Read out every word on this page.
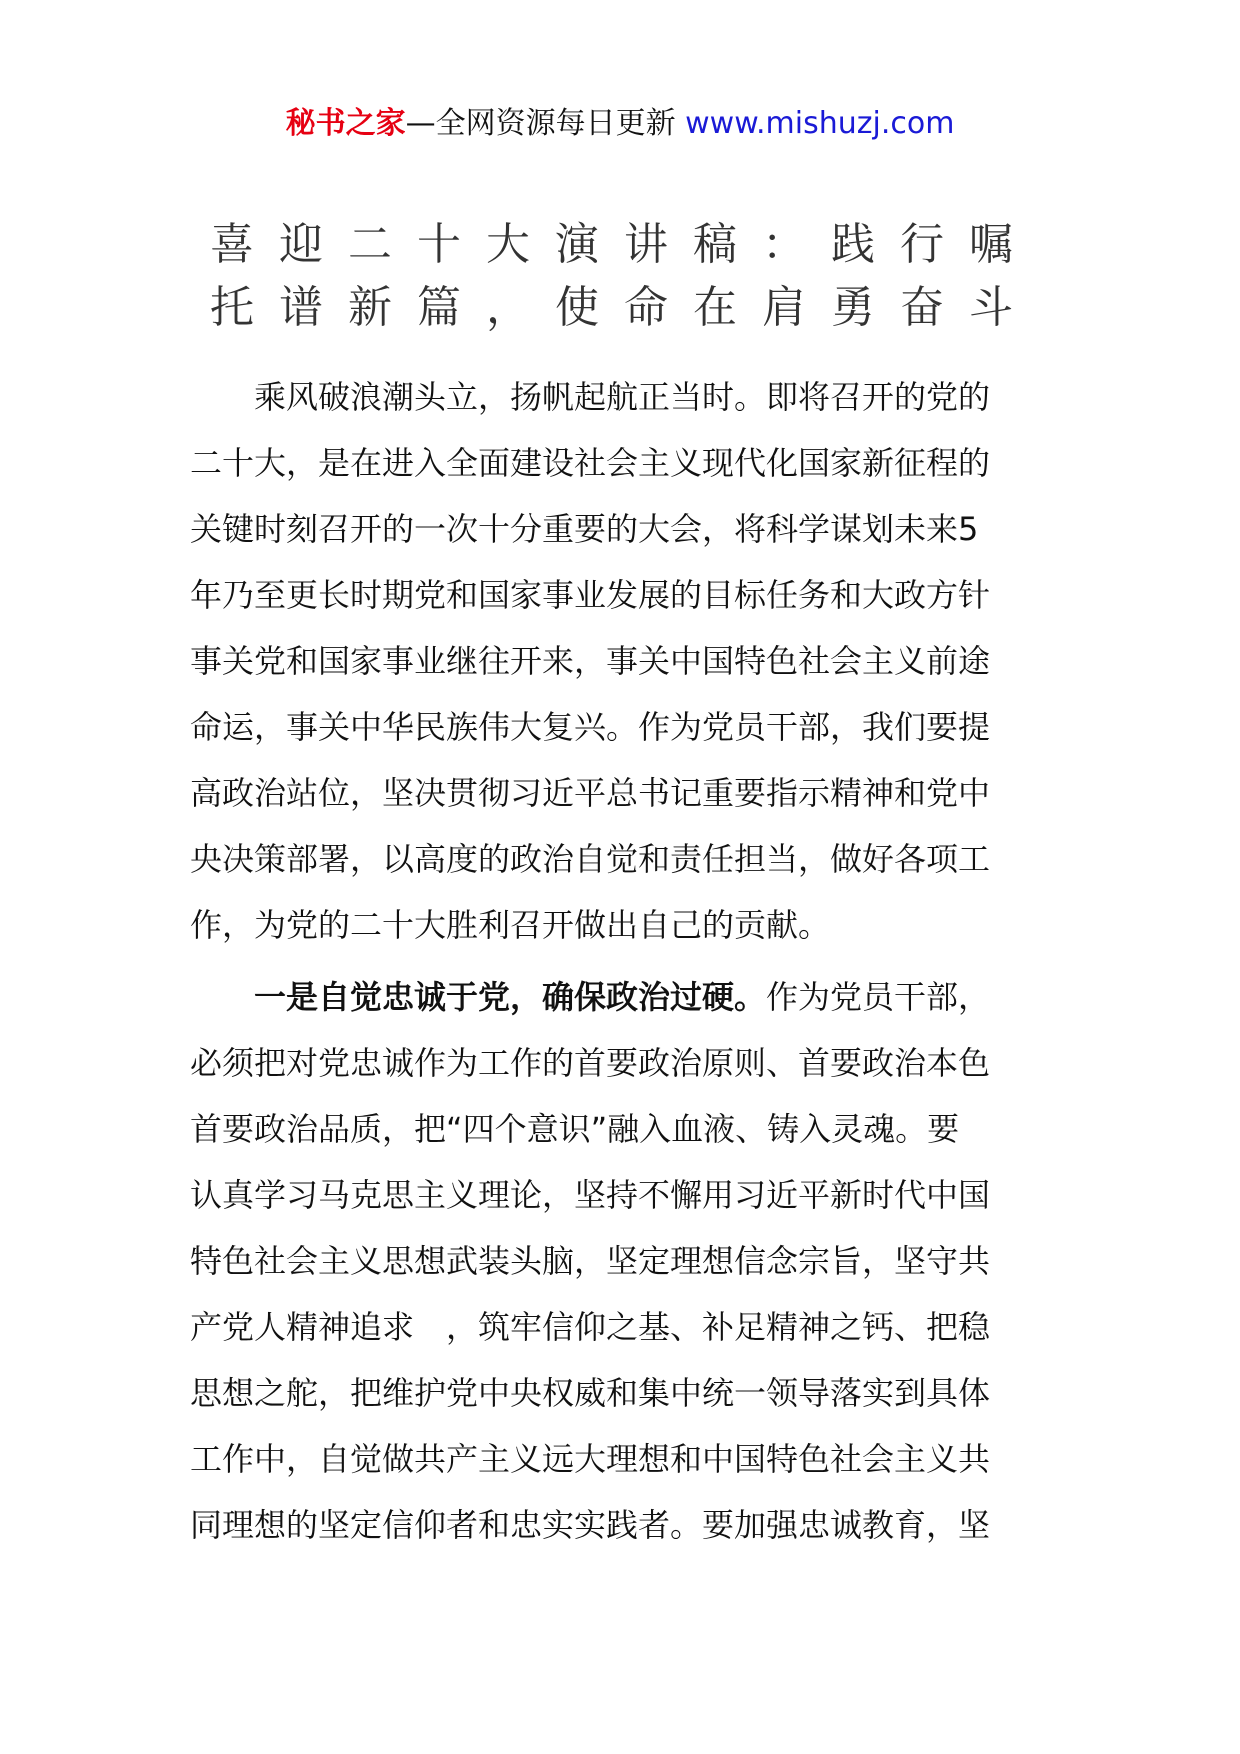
秘书之家—全网资源每日更新 www.mishuzj.com
喜迎二十大演讲稿：践行嘱
托谱新篇，使命在肩勇奋斗
　　乘风破浪潮头立，扬帆起航正当时。即将召开的党的
二十大，是在进入全面建设社会主义现代化国家新征程的
关键时刻召开的一次十分重要的大会，将科学谋划未来5
年乃至更长时期党和国家事业发展的目标任务和大政方针
事关党和国家事业继往开来，事关中国特色社会主义前途
命运，事关中华民族伟大复兴。作为党员干部，我们要提
高政治站位，坚决贯彻习近平总书记重要指示精神和党中
央决策部署，以高度的政治自觉和责任担当，做好各项工
作，为党的二十大胜利召开做出自己的贡献。
　　一是自觉忠诚于党，确保政治过硬。作为党员干部，
必须把对党忠诚作为工作的首要政治原则、首要政治本色
首要政治品质，把“四个意识”融入血液、铸入灵魂。要
认真学习马克思主义理论，坚持不懈用习近平新时代中国
特色社会主义思想武装头脑，坚定理想信念宗旨，坚守共
产党人精神追求　，筑牢信仰之基、补足精神之钙、把稳
思想之舵，把维护党中央权威和集中统一领导落实到具体
工作中，自觉做共产主义远大理想和中国特色社会主义共
同理想的坚定信仰者和忠实实践者。要加强忠诚教育，坚
